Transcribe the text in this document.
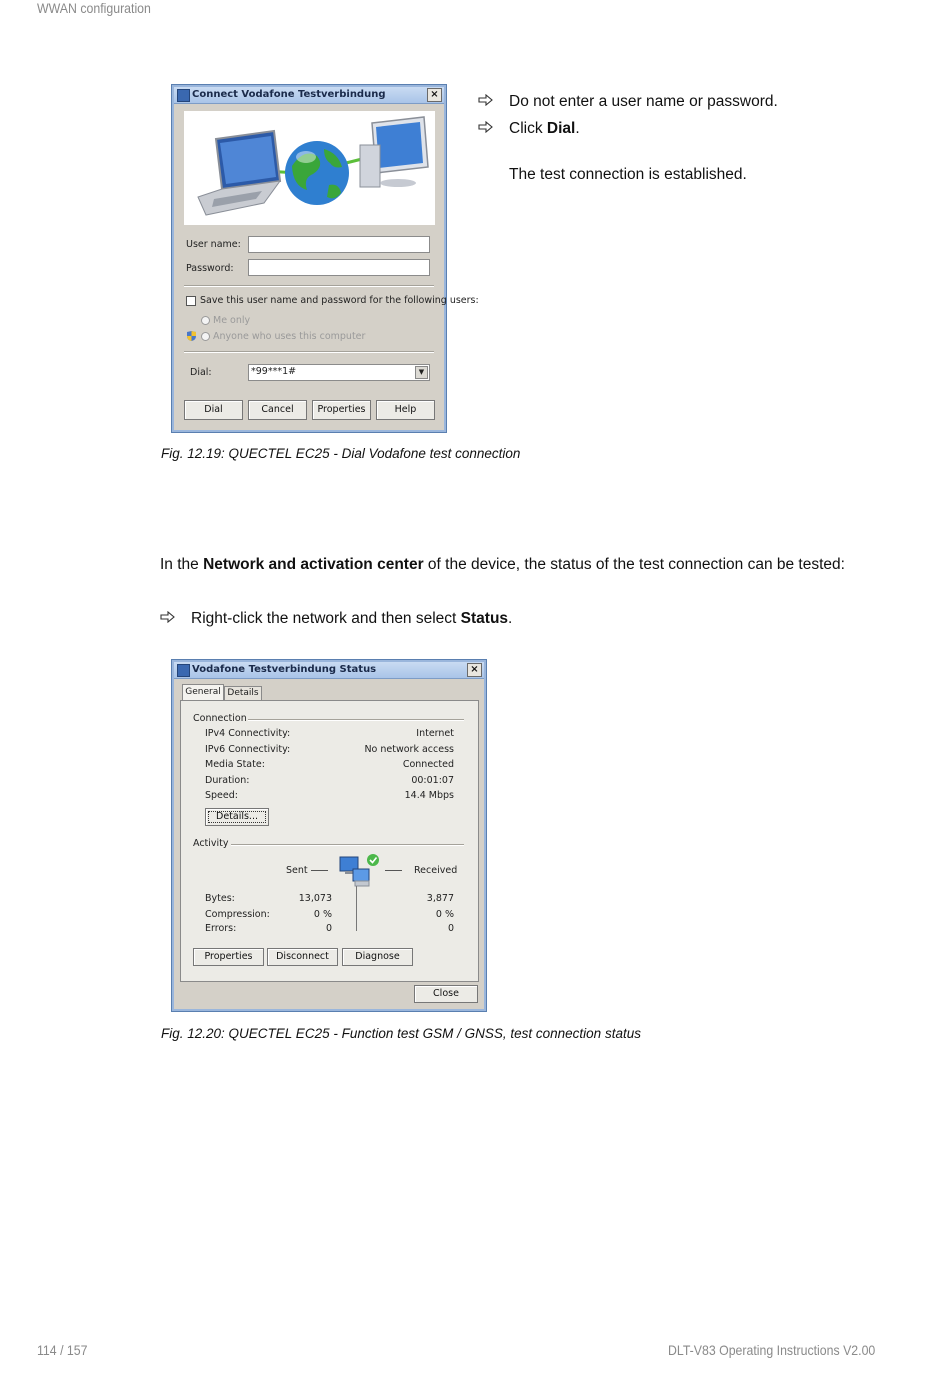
WWAN configuration
Connect Vodafone Testverbindung	×
User name:
Password:
Save this user name and password for the following users:
Me only
Anyone who uses this computer
Dial:	*99***1#	▼
Dial	Cancel	Properties	Help
Do not enter a user name or password.
Click Dial.
The test connection is established.
Fig. 12.19: QUECTEL EC25 - Dial Vodafone test connection
In the Network and activation center of the device, the status of the test connection can be tested:
Right-click the network and then select Status.
Vodafone Testverbindung Status	×
General Details
Connection
IPv4 Connectivity:	Internet
IPv6 Connectivity:	No network access
Media State:	Connected
Duration:	00:01:07
Speed:	14.4 Mbps
Details...
Activity
Sent	Received
Bytes:	13,073	3,877
Compression:	0 %	0 %
Errors:	0	0
Properties	Disconnect	Diagnose
Close
Fig. 12.20: QUECTEL EC25 - Function test GSM / GNSS, test connection status
114 / 157	DLT-V83 Operating Instructions V2.00
